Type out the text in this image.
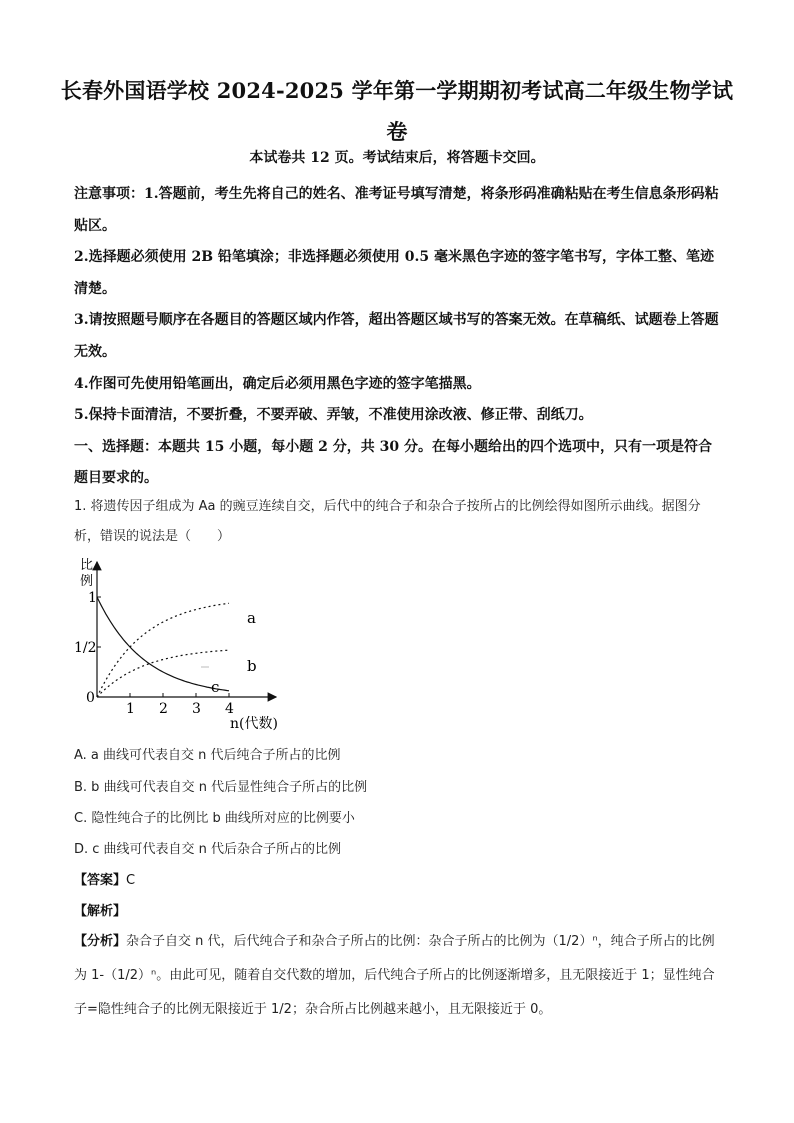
长春外国语学校 2024-2025 学年第一学期期初考试高二年级生物学试卷
本试卷共 12 页。考试结束后，将答题卡交回。

注意事项：1.答题前，考生先将自己的姓名、准考证号填写清楚，将条形码准确粘贴在考生信息条形码粘贴区。

2.选择题必须使用 2B 铅笔填涂；非选择题必须使用 0.5 毫米黑色字迹的签字笔书写，字体工整、笔迹清楚。

3.请按照题号顺序在各题目的答题区域内作答，超出答题区域书写的答案无效。在草稿纸、试题卷上答题无效。

4.作图可先使用铅笔画出，确定后必须用黑色字迹的签字笔描黑。

5.保持卡面清洁，不要折叠，不要弄破、弄皱，不准使用涂改液、修正带、刮纸刀。

一、选择题：本题共 15 小题，每小题 2 分，共 30 分。在每小题给出的四个选项中，只有一项是符合题目要求的。

1. 将遗传因子组成为 Aa 的豌豆连续自交，后代中的纯合子和杂合子按所占的比例绘得如图所示曲线。据图分析，错误的说法是（　　）
比
例
n(代数)
0
1/2
1
1 2 3 4
a
b
c
A. a 曲线可代表自交 n 代后纯合子所占的比例
B. b 曲线可代表自交 n 代后显性纯合子所占的比例
C. 隐性纯合子的比例比 b 曲线所对应的比例要小
D. c 曲线可代表自交 n 代后杂合子所占的比例
【答案】C
【解析】
【分析】杂合子自交 n 代，后代纯合子和杂合子所占的比例：杂合子所占的比例为（1/2）ⁿ，纯合子所占的比例为 1-（1/2）ⁿ。由此可见，随着自交代数的增加，后代纯合子所占的比例逐渐增多，且无限接近于 1；显性纯合子=隐性纯合子的比例无限接近于 1/2；杂合所占比例越来越小，且无限接近于 0。
